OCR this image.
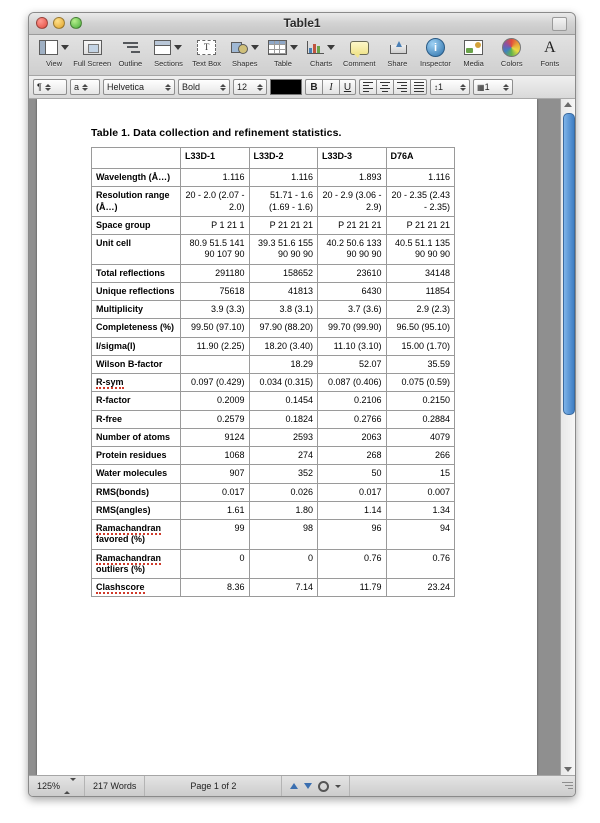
Table1
View Full Screen Outline Sections
T
Text Box Shapes Table Charts Comment Share
i
Inspector Media Colors
A
Fonts
¶	a	Helvetica	Bold	12	B	I	U	↕ 1	▦ 1
Table 1. Data collection and refinement statistics.
	L33D-1	L33D-2	L33D-3	D76A
Wavelength (Å…)	1.116	1.116	1.893	1.116
Resolution range (Å…)	20 - 2.0 (2.07 - 2.0)	51.71 - 1.6 (1.69 - 1.6)	20 - 2.9 (3.06 - 2.9)	20 - 2.35 (2.43 - 2.35)
Space group	P 1 21 1	P 21 21 21	P 21 21 21	P 21 21 21
Unit cell	80.9 51.5 141 90 107 90	39.3 51.6 155 90 90 90	40.2 50.6 133 90 90 90	40.5 51.1 135 90 90 90
Total reflections	291180	158652	23610	34148
Unique reflections	75618	41813	6430	11854
Multiplicity	3.9 (3.3)	3.8 (3.1)	3.7 (3.6)	2.9 (2.3)
Completeness (%)	99.50 (97.10)	97.90 (88.20)	99.70 (99.90)	96.50 (95.10)
I/sigma(I)	11.90 (2.25)	18.20 (3.40)	11.10 (3.10)	15.00 (1.70)
Wilson B-factor		18.29	52.07	35.59
R-sym	0.097 (0.429)	0.034 (0.315)	0.087 (0.406)	0.075 (0.59)
R-factor	0.2009	0.1454	0.2106	0.2150
R-free	0.2579	0.1824	0.2766	0.2884
Number of atoms	9124	2593	2063	4079
Protein residues	1068	274	268	266
Water molecules	907	352	50	15
RMS(bonds)	0.017	0.026	0.017	0.007
RMS(angles)	1.61	1.80	1.14	1.34
Ramachandran favored (%)	99	98	96	94
Ramachandran outliers (%)	0	0	0.76	0.76
Clashscore	8.36	7.14	11.79	23.24
125%	217 Words	Page 1 of 2
